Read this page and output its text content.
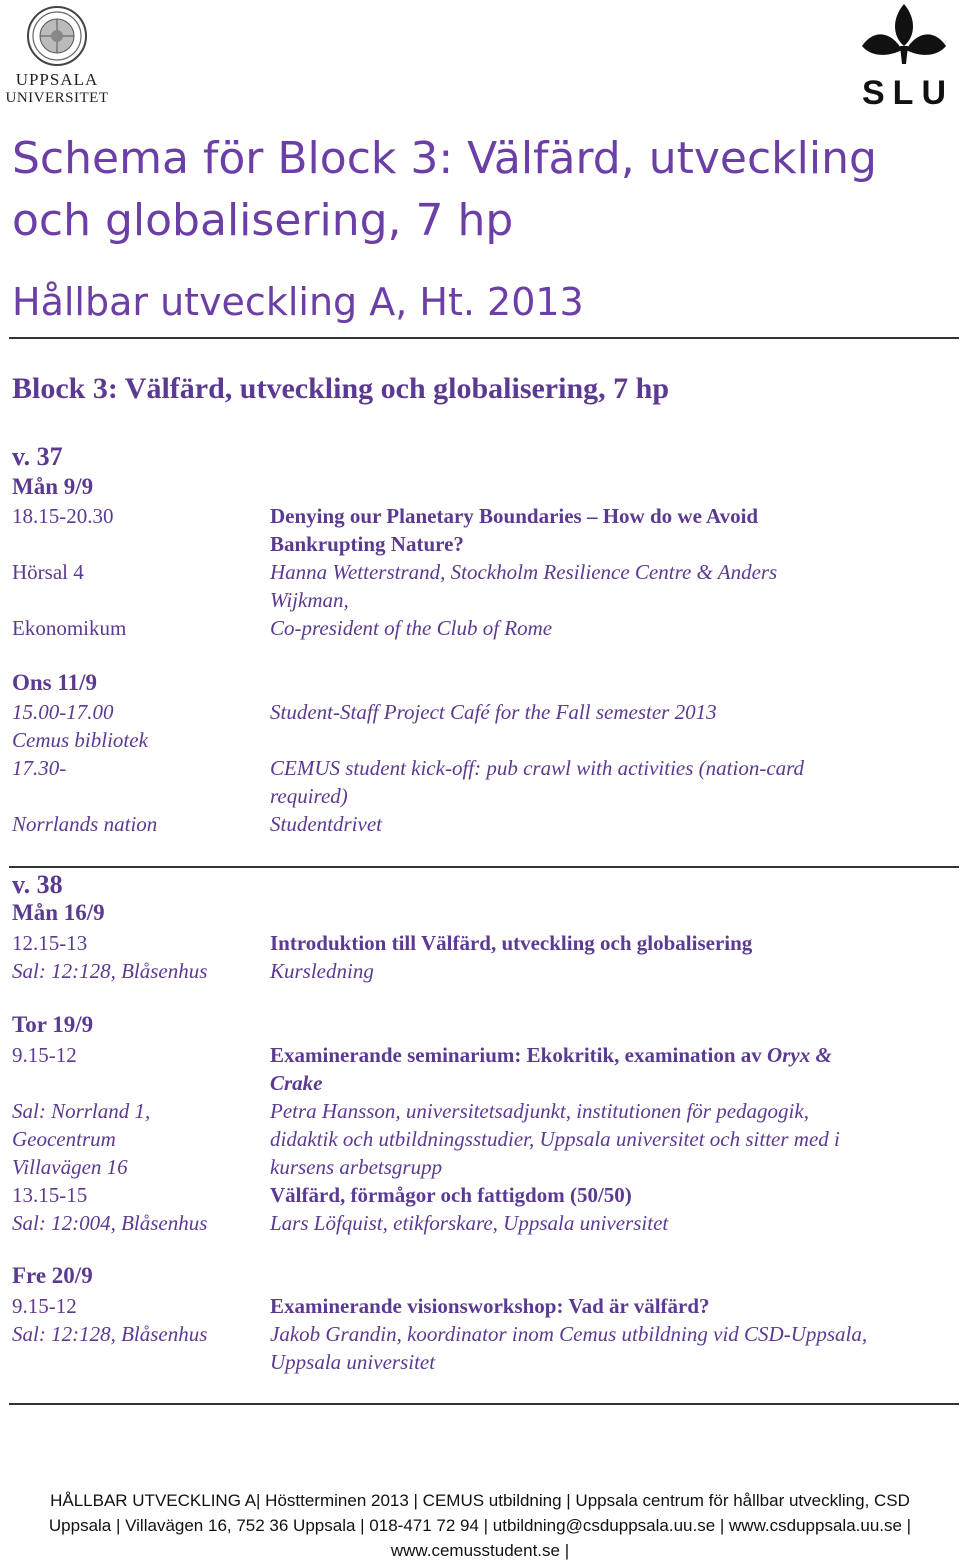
UPPSALA
UNIVERSITET	SLU
Schema för Block 3: Välfärd, utveckling
och globalisering, 7 hp
Hållbar utveckling A, Ht. 2013
Block 3: Välfärd, utveckling och globalisering, 7 hp
v. 37
Mån 9/9
18.15-20.30	Denying our Planetary Boundaries – How do we Avoid
Bankrupting Nature?
Hörsal 4	Hanna Wetterstrand, Stockholm Resilience Centre & Anders
Wijkman,
Ekonomikum	Co-president of the Club of Rome
Ons 11/9
15.00-17.00	Student-Staff Project Café for the Fall semester 2013
Cemus bibliotek
17.30-	CEMUS student kick-off: pub crawl with activities (nation-card
required)
Norrlands nation	Studentdrivet
v. 38
Mån 16/9
12.15-13	Introduktion till Välfärd, utveckling och globalisering
Sal: 12:128, Blåsenhus	Kursledning
Tor 19/9
9.15-12	Examinerande seminarium: Ekokritik, examination av Oryx &
Crake
Sal: Norrland 1,	Petra Hansson, universitetsadjunkt, institutionen för pedagogik,
Geocentrum	didaktik och utbildningsstudier, Uppsala universitet och sitter med i
Villavägen 16	kursens arbetsgrupp
13.15-15	Välfärd, förmågor och fattigdom (50/50)
Sal: 12:004, Blåsenhus	Lars Löfquist, etikforskare, Uppsala universitet
Fre 20/9
9.15-12	Examinerande visionsworkshop: Vad är välfärd?
Sal: 12:128, Blåsenhus	Jakob Grandin, koordinator inom Cemus utbildning vid CSD-Uppsala,
Uppsala universitet
HÅLLBAR UTVECKLING A| Höstterminen 2013 | CEMUS utbildning | Uppsala centrum för hållbar utveckling, CSD
Uppsala | Villavägen 16, 752 36 Uppsala | 018-471 72 94 | utbildning@csduppsala.uu.se | www.csduppsala.uu.se |
www.cemusstudent.se |
